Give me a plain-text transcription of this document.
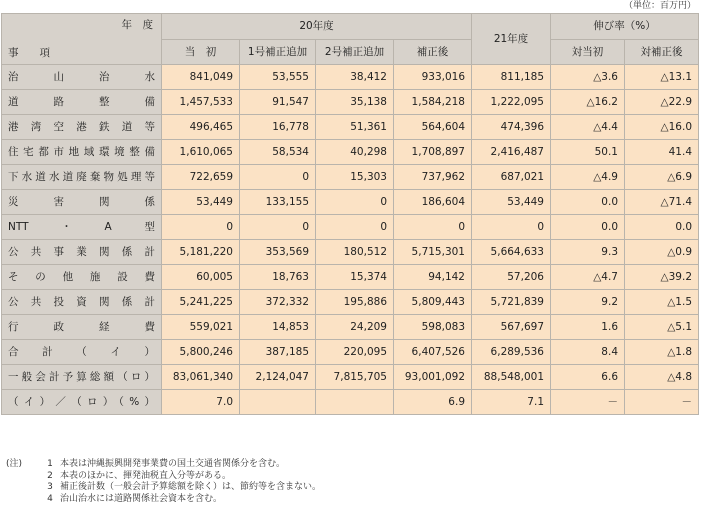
（単位：百万円）
年　度
事　　項	20年度				21年度	伸び率（%）	
	当　初	1号補正追加	2号補正追加	補正後		対当初	対補正後

治山治水	841,049	53,555	38,412	933,016	811,185	△3.6	△13.1

道路整備	1,457,533	91,547	35,138	1,584,218	1,222,095	△16.2	△22.9

港湾空港鉄道等	496,465	16,778	51,361	564,604	474,396	△4.4	△16.0

住宅都市地域環境整備	1,610,065	58,534	40,298	1,708,897	2,416,487	50.1	41.4

下水道水道廃棄物処理等	722,659	0	15,303	737,962	687,021	△4.9	△6.9

災害関係	53,449	133,155	0	186,604	53,449	0.0	△71.4

NTT・A型	0	0	0	0	0	0.0	0.0

公共事業関係計	5,181,220	353,569	180,512	5,715,301	5,664,633	9.3	△0.9

その他施設費	60,005	18,763	15,374	94,142	57,206	△4.7	△39.2

公共投資関係計	5,241,225	372,332	195,886	5,809,443	5,721,839	9.2	△1.5

行政経費	559,021	14,853	24,209	598,083	567,697	1.6	△5.1

合計（イ）	5,800,246	387,185	220,095	6,407,526	6,289,536	8.4	△1.8

一般会計予算総額（ロ）	83,061,340	2,124,047	7,815,705	93,001,092	88,548,001	6.6	△4.8

（イ）／（ロ）（%）	7.0			6.9	7.1	－	－
(注)	1 本表は沖縄振興開発事業費の国土交通省関係分を含む。
2 本表のほかに、揮発油税直入分等がある。
3 補正後計数（一般会計予算総額を除く）は、節約等を含まない。
4 治山治水には道路関係社会資本を含む。
